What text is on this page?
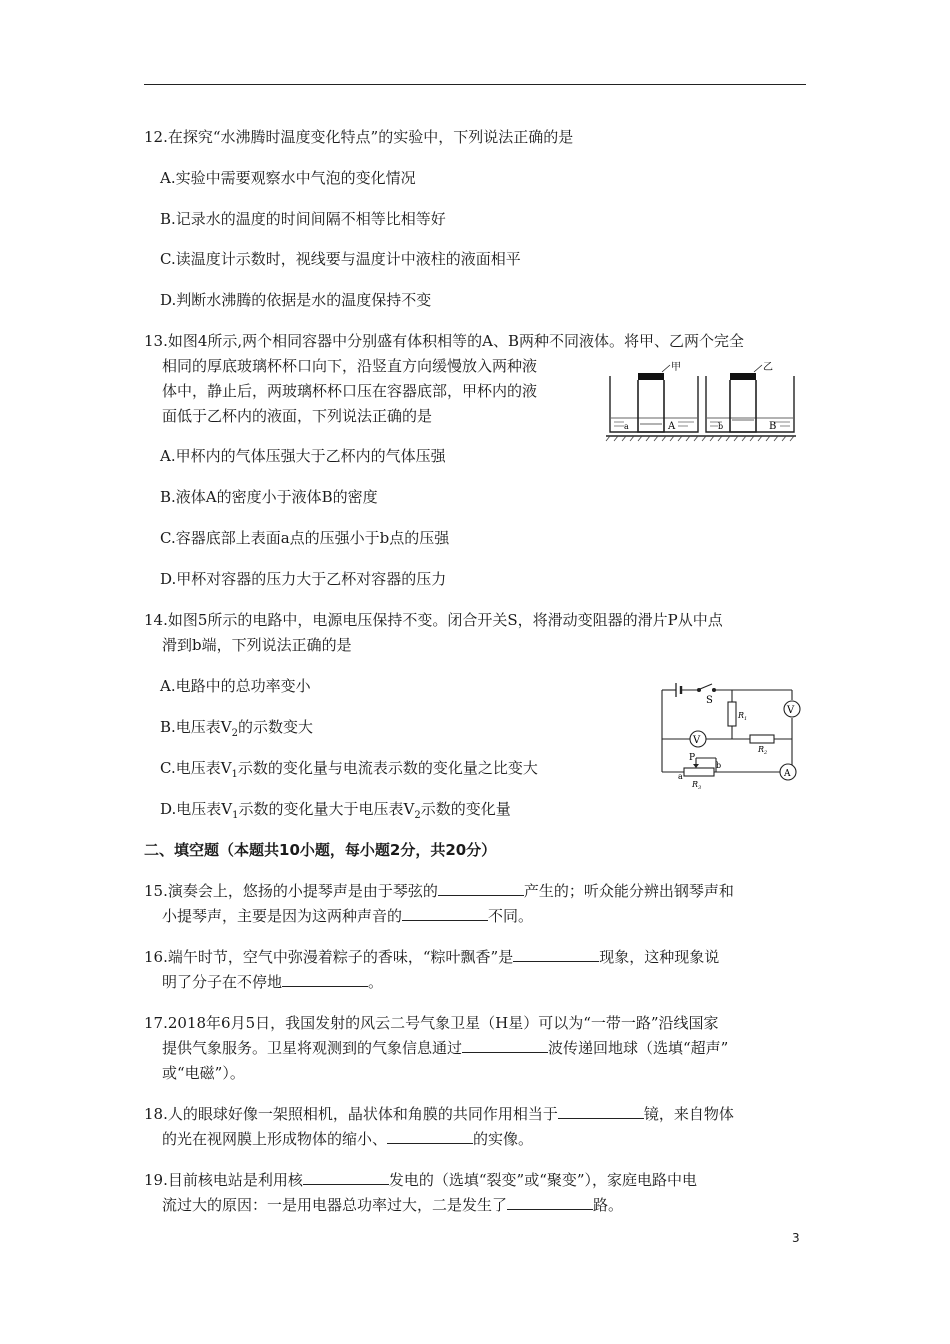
12.在探究“水沸腾时温度变化特点”的实验中，下列说法正确的是
A.实验中需要观察水中气泡的变化情况
B.记录水的温度的时间间隔不相等比相等好
C.读温度计示数时，视线要与温度计中液柱的液面相平
D.判断水沸腾的依据是水的温度保持不变
13.如图4所示,两个相同容器中分别盛有体积相等的A、B两种不同液体。将甲、乙两个完全
相同的厚底玻璃杯杯口向下，沿竖直方向缓慢放入两种液
体中，静止后，两玻璃杯杯口压在容器底部，甲杯内的液
面低于乙杯内的液面，下列说法正确的是
甲
A
a
乙
B
b
A.甲杯内的气体压强大于乙杯内的气体压强
B.液体A的密度小于液体B的密度
C.容器底部上表面a点的压强小于b点的压强
D.甲杯对容器的压力大于乙杯对容器的压力
14.如图5所示的电路中，电源电压保持不变。闭合开关S，将滑动变阻器的滑片P从中点
滑到b端，下列说法正确的是
A.电路中的总功率变小
B.电压表$V_2$的示数变大
C.电压表$V_1$示数的变化量与电流表示数的变化量之比变大
D.电压表$V_1$示数的变化量大于电压表$V_2$示数的变化量
V
V
A
S
$R_1$
$R_2$
$R_3$
P
a
b
二、填空题（本题共10小题，每小题2分，共20分）
15.演奏会上，悠扬的小提琴声是由于琴弦的	产生的；听众能分辨出钢琴声和
小提琴声，主要是因为这两种声音的	不同。
16.端午时节，空气中弥漫着粽子的香味，“粽叶飘香”是	现象，这种现象说
明了分子在不停地	。
17.2018年6月5日，我国发射的风云二号气象卫星（H星）可以为“一带一路”沿线国家
提供气象服务。卫星将观测到的气象信息通过	波传递回地球（选填“超声”
或“电磁”）。
18.人的眼球好像一架照相机，晶状体和角膜的共同作用相当于	镜，来自物体
的光在视网膜上形成物体的缩小、	的实像。
19.目前核电站是利用核	发电的（选填“裂变”或“聚变”），家庭电路中电
流过大的原因：一是用电器总功率过大，二是发生了	路。
3
